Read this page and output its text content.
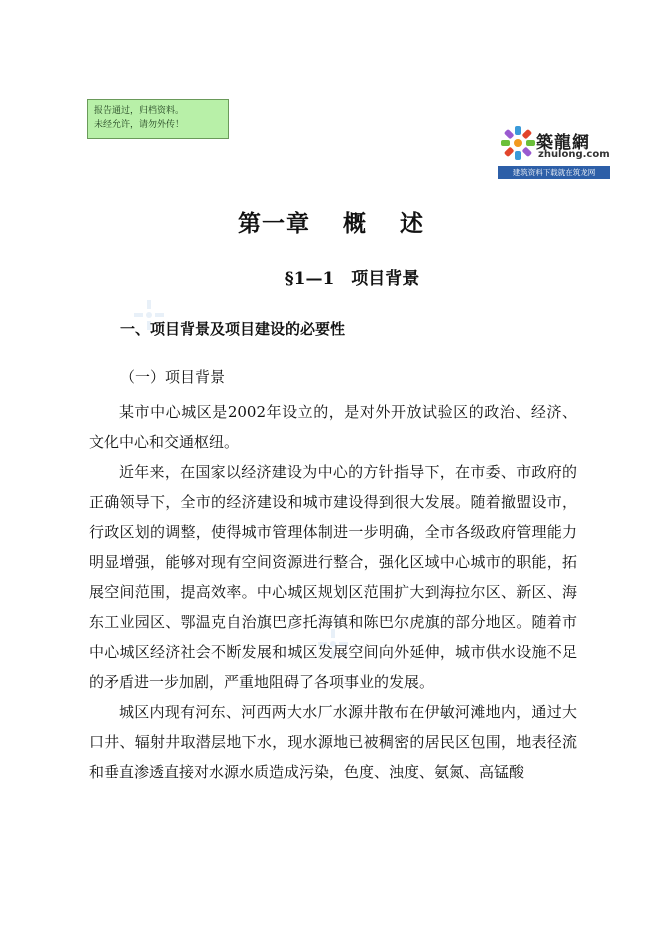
报告通过，归档资料。
未经允许，请勿外传！
築龍網
zhulong.com
建筑资料下载就在筑龙网
第一章　 概　 述
§1—1　项目背景
一、项目背景及项目建设的必要性
（一）项目背景

某市中心城区是2002年设立的，是对外开放试验区的政治、经济、文化中心和交通枢纽。

近年来，在国家以经济建设为中心的方针指导下，在市委、市政府的正确领导下，全市的经济建设和城市建设得到很大发展。随着撤盟设市，行政区划的调整，使得城市管理体制进一步明确，全市各级政府管理能力明显增强，能够对现有空间资源进行整合，强化区域中心城市的职能，拓展空间范围，提高效率。中心城区规划区范围扩大到海拉尔区、新区、海东工业园区、鄂温克自治旗巴彦托海镇和陈巴尔虎旗的部分地区。随着市中心城区经济社会不断发展和城区发展空间向外延伸，城市供水设施不足的矛盾进一步加剧，严重地阻碍了各项事业的发展。

城区内现有河东、河西两大水厂水源井散布在伊敏河滩地内，通过大口井、辐射井取潜层地下水，现水源地已被稠密的居民区包围，地表径流和垂直渗透直接对水源水质造成污染，色度、浊度、氨氮、高锰酸
